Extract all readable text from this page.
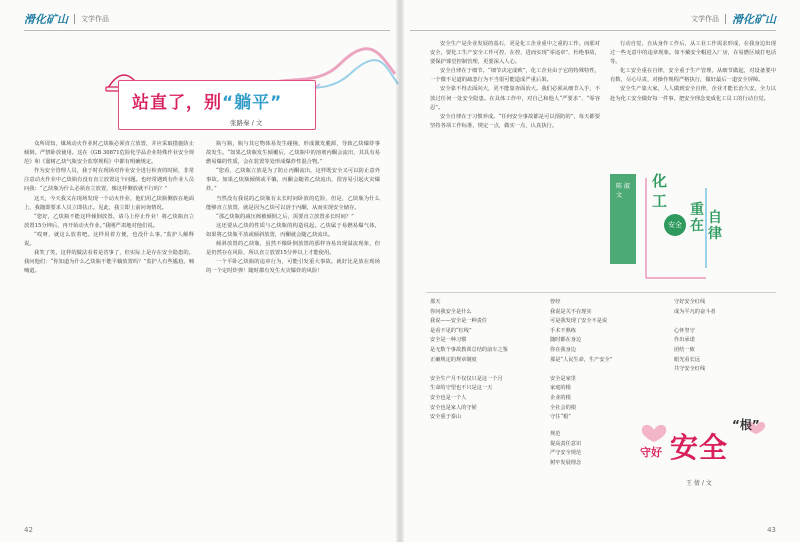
滑化矿山 文学作品
站直了，别“躺平”
张路秦 / 文

众所周知，煤场动火作业时乙炔瓶必须直立放置，并应采取措施防止倾倒。严禁卧放使用。这在《GB 30871危险化学品企业特殊作业安全规范》和《溜树乙炔气瓶安全监察规程》中都有明确规定。

作为安全管理人员，我于时在现场对作业安全进行检查的时候，非常注意动火作业中乙炔瓶有没有直立放置这个问题。也经常遇到有作业人员问我：“乙炔瓶为什么必须直立放置，像这样侧放就不行吗？”

这天，今天我又在现场发现一个动火作业，他们用乙炔瓶侧放在地面上，我随即要求人员立即扶正。见此，我立即上前问询情况。

“您好，乙炔瓶不能这样倾倒放置。请马上停止作业！将乙炔瓶直立放置15分钟后，再开始动火作业。”我刚严肃地对他们说。

“哎呀，就这么放着吧。这样用着方便，也没什么事。”监护人解释说。

我笑了笑，这样的做法看着是省事了，但实际上是存在安全隐患的。我问他们：“你知道为什么乙炔瓶不能平躺放置吗？”监护人有些尴尬，喃喃道。

瓶与瓶，瓶与其它物体易发生碰撞，形成激发脆源，导致乙炔爆炸事故发生。“如果乙炔瓶发生倾覆后，乙炔瓶中的溶剂丙酮会流出，其具有易燃易爆的性质，会在装置等处形成爆炸性混合物。”

“您看，乙炔瓶立放是为了防止丙酮流出，这样既安全又可以防止意外事故。如果乙炔瓶倾倒或平躺，丙酮会随着乙炔流出，很容易引起火灾爆炸。”

当然没有我说的乙炔瓶有太长时间卧放的危险，但是，乙炔瓶为什么能够直立放置，就是因为乙炔可以溶于丙酮，从而实现安全储存。

“那乙炔瓶的减压阀被倾倒之后，需要直立放置多长时间？”

这还要从乙炔的性质与乙炔瓶的构造说起。乙炔属于易燃易爆气体，如果将乙炔瓶平放或倾斜放置，丙酮就会随乙炔流出。

倾斜放置的乙炔瓶，虽然不像卧倒放置的那样容易出现溢流现象，但是仍然存在风险，所以直立放置15分钟以上才能使用。

一个平卧乙炔瓶的违章行为，可能引发重大事故。就好比是放在现场的一个定时炸弹！随时都有发生火灾爆炸的风险！

42
文学作品 滑化矿山

安全生产是企业发展的基石，更是化工企业重中之重的工作。而那对安全，要化工生产安全工作可控，在控，进而实现“零违章”，杜绝事故，要保护课堂控制管理，更要深入人心。

安全自律在于细节。“细节决定成败”，化工企业由于它的特殊特性，一个微不足道的疏忽行为不当很可能造成严重后果。

安全靠不得去面向大，更不能靠查面冶大。我们必须从细节入手，不放过任何一处安全隐患。在具体工作中，对自己和他人“严要求”、“零容忍”。

安全自律在于习惯养成。“任何安全事故都是可以预防的”，每天都要坚持各项工作标准，规定一点，做实一点，认真执行。

行动自觉，自从身作工作后，从工业工作需求形成，在我身边出现过一些无意中的违章现象。如不戴安全帽进入厂房，在易燃区域打电话等。

化工安全重在自律，安全重于生产管理，从细节做起，对设备要中有数，尽心尽责，对操作规程严格执行，做好最后一道安全屏障。

安全生产靠大家，人人做到安全自律，企业才能长治久安。全力以赴为化工安全做好每一件事，把安全理念变成化工员工的行动自觉。

化
工
安全
重在 自律
陈 淑 文
那天
你问我安全是什么
我说——安全是一种责任
是看不见的“红线”
安全是一种习惯
是无数个事故教训总结的前车之鉴
正确规定的规章制度

安全生产月不仅仅只是这一个月
生命的守望也不只是这一天
安全也是一个人
安全也是家人的守候
安全重于泰山
曾经
我说是关不在现实
可是我发现了安全不是说
手术不熟练
随时都在身边
你在我身边
那是“人民生命，生产安全”

安全是家里
家庭的根
企业的根
全社会的根
守住“根”
守好安全红线
成为平凡的奋斗者

心怀坚守
作出承诺
团结一致
眼光看长远
共守安全红线
规范
提高责任意识
严守安全规范
树牢发展理念
守好 安全
“根”
王 倩 / 文
43
